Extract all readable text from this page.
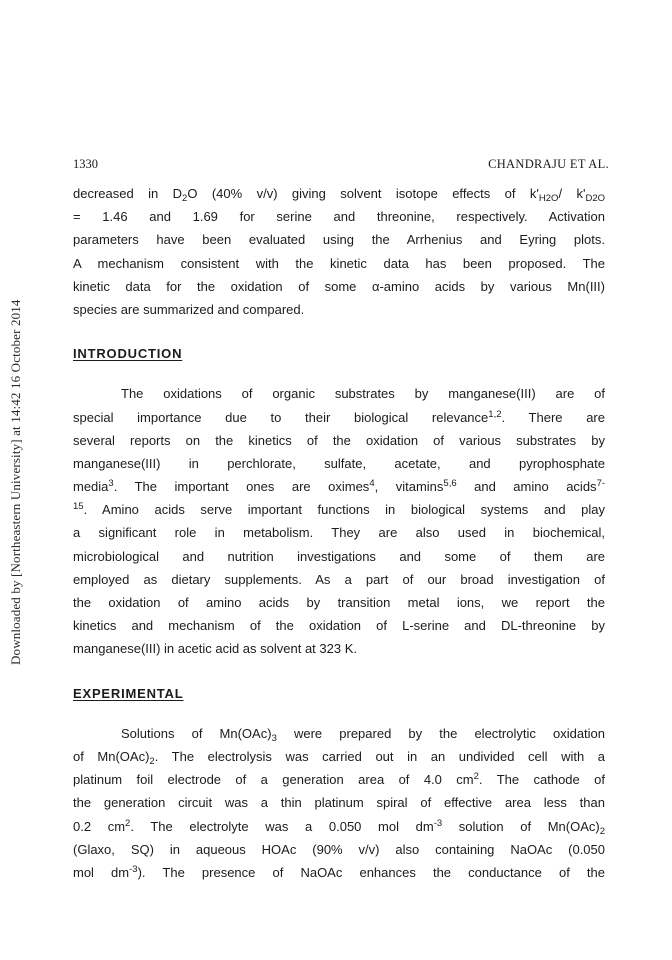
Downloaded by [Northeastern University] at 14:42 16 October 2014
1330	CHANDRAJU ET AL.
decreased in $D_2O$ (40% v/v) giving solvent isotope effects of $k'_{H2O}/$ $k'_{D2O}$
= 1.46 and 1.69 for serine and threonine, respectively. Activation
parameters have been evaluated using the Arrhenius and Eyring plots.
A mechanism consistent with the kinetic data has been proposed. The
kinetic data for the oxidation of some α-amino acids by various Mn(III)
species are summarized and compared.
INTRODUCTION
The oxidations of organic substrates by manganese(III) are of
special importance due to their biological relevance$^{1,2}$. There are
several reports on the kinetics of the oxidation of various substrates by
manganese(III) in perchlorate, sulfate, acetate, and pyrophosphate
media$^3$. The important ones are oximes$^4$, vitamins$^{5,6}$ and amino acids$^{7-}$
$^{15}$. Amino acids serve important functions in biological systems and play
a significant role in metabolism. They are also used in biochemical,
microbiological and nutrition investigations and some of them are
employed as dietary supplements. As a part of our broad investigation of
the oxidation of amino acids by transition metal ions, we report the
kinetics and mechanism of the oxidation of L-serine and DL-threonine by
manganese(III) in acetic acid as solvent at 323 K.
EXPERIMENTAL
Solutions of $Mn(OAc)_3$ were prepared by the electrolytic oxidation
of $Mn(OAc)_2$. The electrolysis was carried out in an undivided cell with a
platinum foil electrode of a generation area of 4.0 $cm^2$. The cathode of
the generation circuit was a thin platinum spiral of effective area less than
0.2 $cm^2$. The electrolyte was a 0.050 mol $dm^{-3}$ solution of $Mn(OAc)_2$
(Glaxo, SQ) in aqueous HOAc (90% v/v) also containing NaOAc (0.050
mol $dm^{-3}$). The presence of NaOAc enhances the conductance of the
